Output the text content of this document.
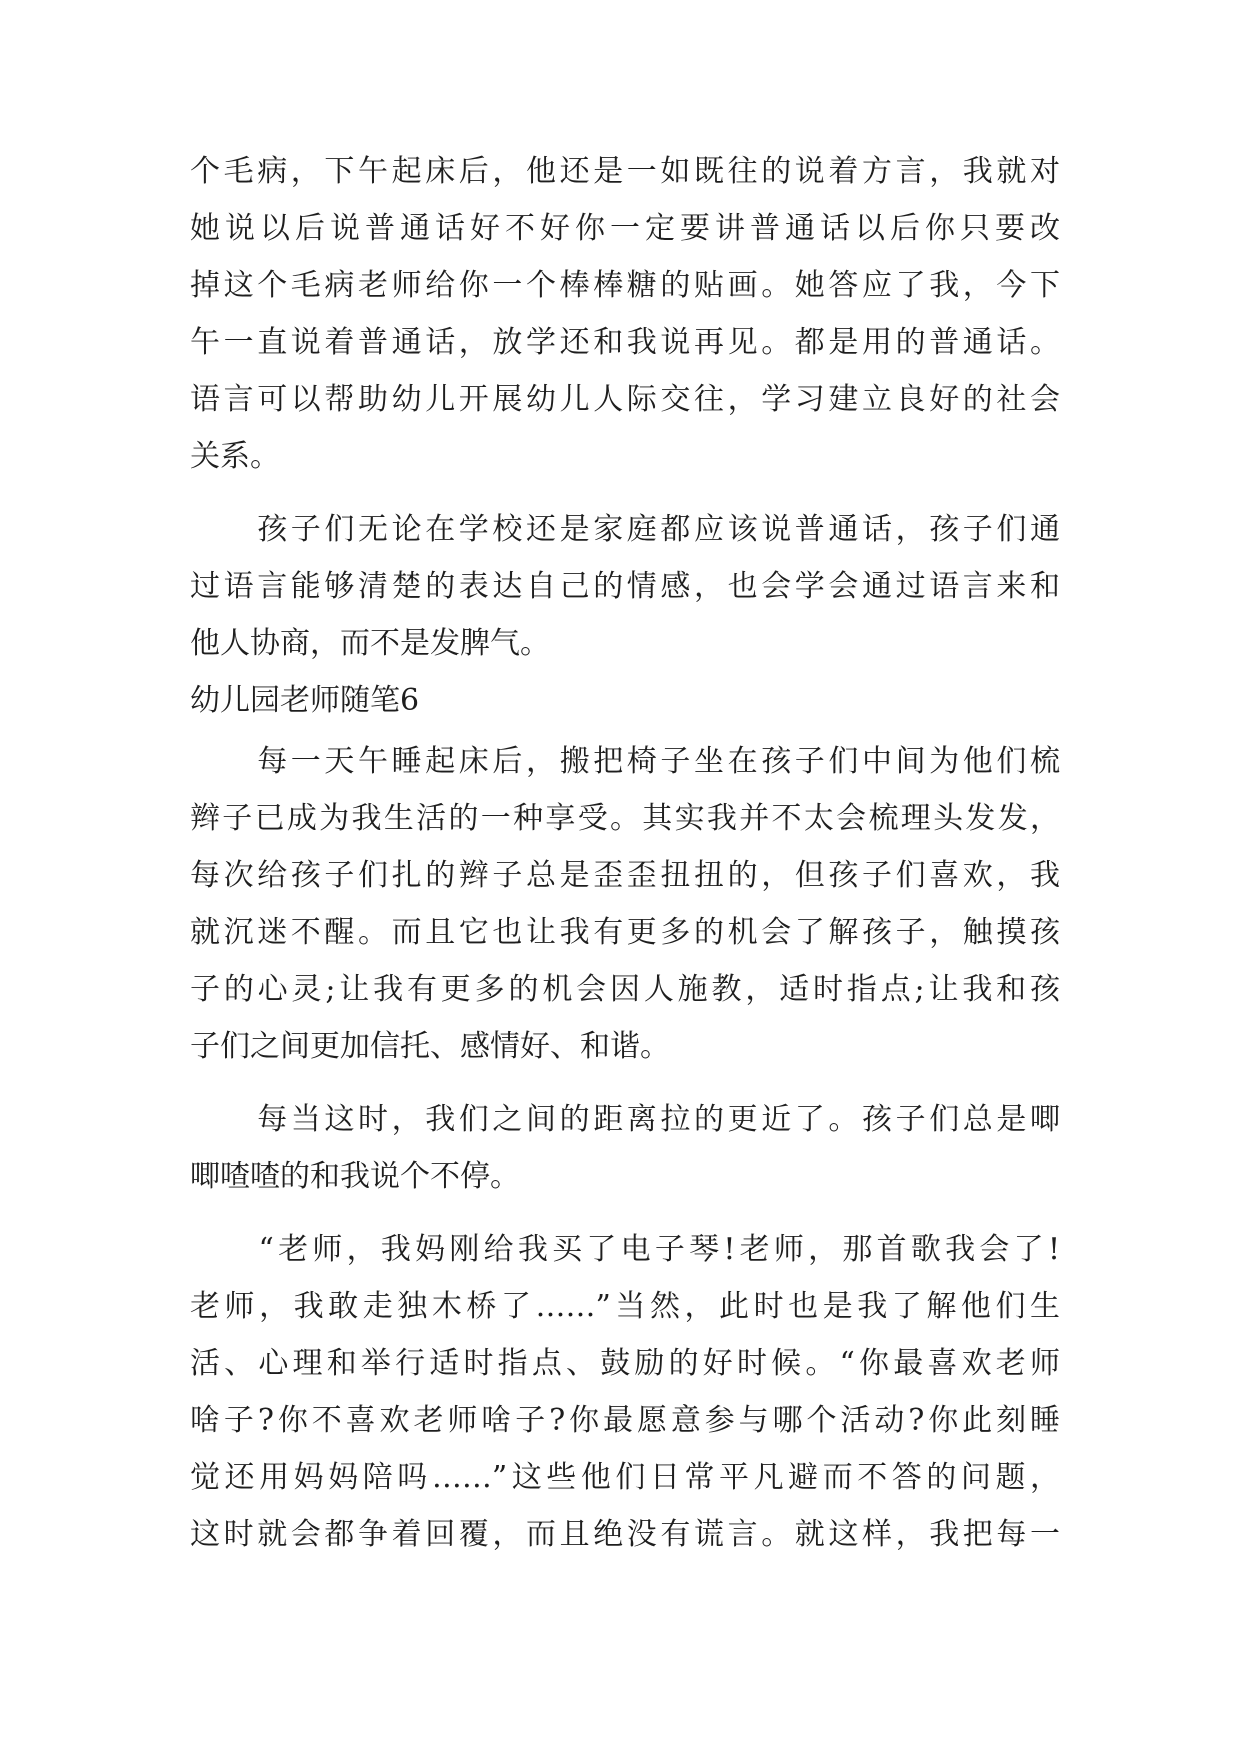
个毛病，下午起床后，他还是一如既往的说着方言，我就对
她说以后说普通话好不好你一定要讲普通话以后你只要改
掉这个毛病老师给你一个棒棒糖的贴画。她答应了我，今下
午一直说着普通话，放学还和我说再见。都是用的普通话。
语言可以帮助幼儿开展幼儿人际交往，学习建立良好的社会
关系。
　　孩子们无论在学校还是家庭都应该说普通话，孩子们通
过语言能够清楚的表达自己的情感，也会学会通过语言来和
他人协商，而不是发脾气。
幼儿园老师随笔6
　　每一天午睡起床后，搬把椅子坐在孩子们中间为他们梳
辫子已成为我生活的一种享受。其实我并不太会梳理头发发，
每次给孩子们扎的辫子总是歪歪扭扭的，但孩子们喜欢，我
就沉迷不醒。而且它也让我有更多的机会了解孩子，触摸孩
子的心灵;让我有更多的机会因人施教，适时指点;让我和孩
子们之间更加信托、感情好、和谐。
　　每当这时，我们之间的距离拉的更近了。孩子们总是唧
唧喳喳的和我说个不停。
　　“老师，我妈刚给我买了电子琴!老师，那首歌我会了!
老师，我敢走独木桥了……”当然，此时也是我了解他们生
活、心理和举行适时指点、鼓励的好时候。“你最喜欢老师
啥子?你不喜欢老师啥子?你最愿意参与哪个活动?你此刻睡
觉还用妈妈陪吗……”这些他们日常平凡避而不答的问题，
这时就会都争着回覆，而且绝没有谎言。就这样，我把每一
